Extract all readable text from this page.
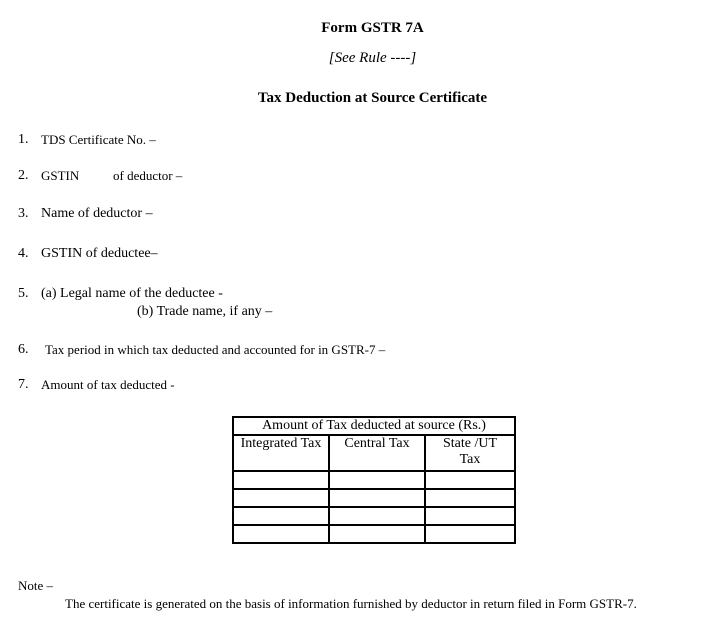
Form GSTR 7A
[See Rule ----]
Tax Deduction at Source Certificate
1. TDS Certificate No. –
2. GSTIN	of deductor –
3. Name of deductor –
4. GSTIN of deductee–
5. (a) Legal name of the deductee -
(b) Trade name, if any –
6. Tax period in which tax deducted and accounted for in GSTR-7 –
7. Amount of tax deducted -
Amount of Tax deducted at source (Rs.)		
Integrated Tax	Central Tax	State /UT Tax

Note –
The certificate is generated on the basis of information furnished by deductor in return filed in Form GSTR-7.
